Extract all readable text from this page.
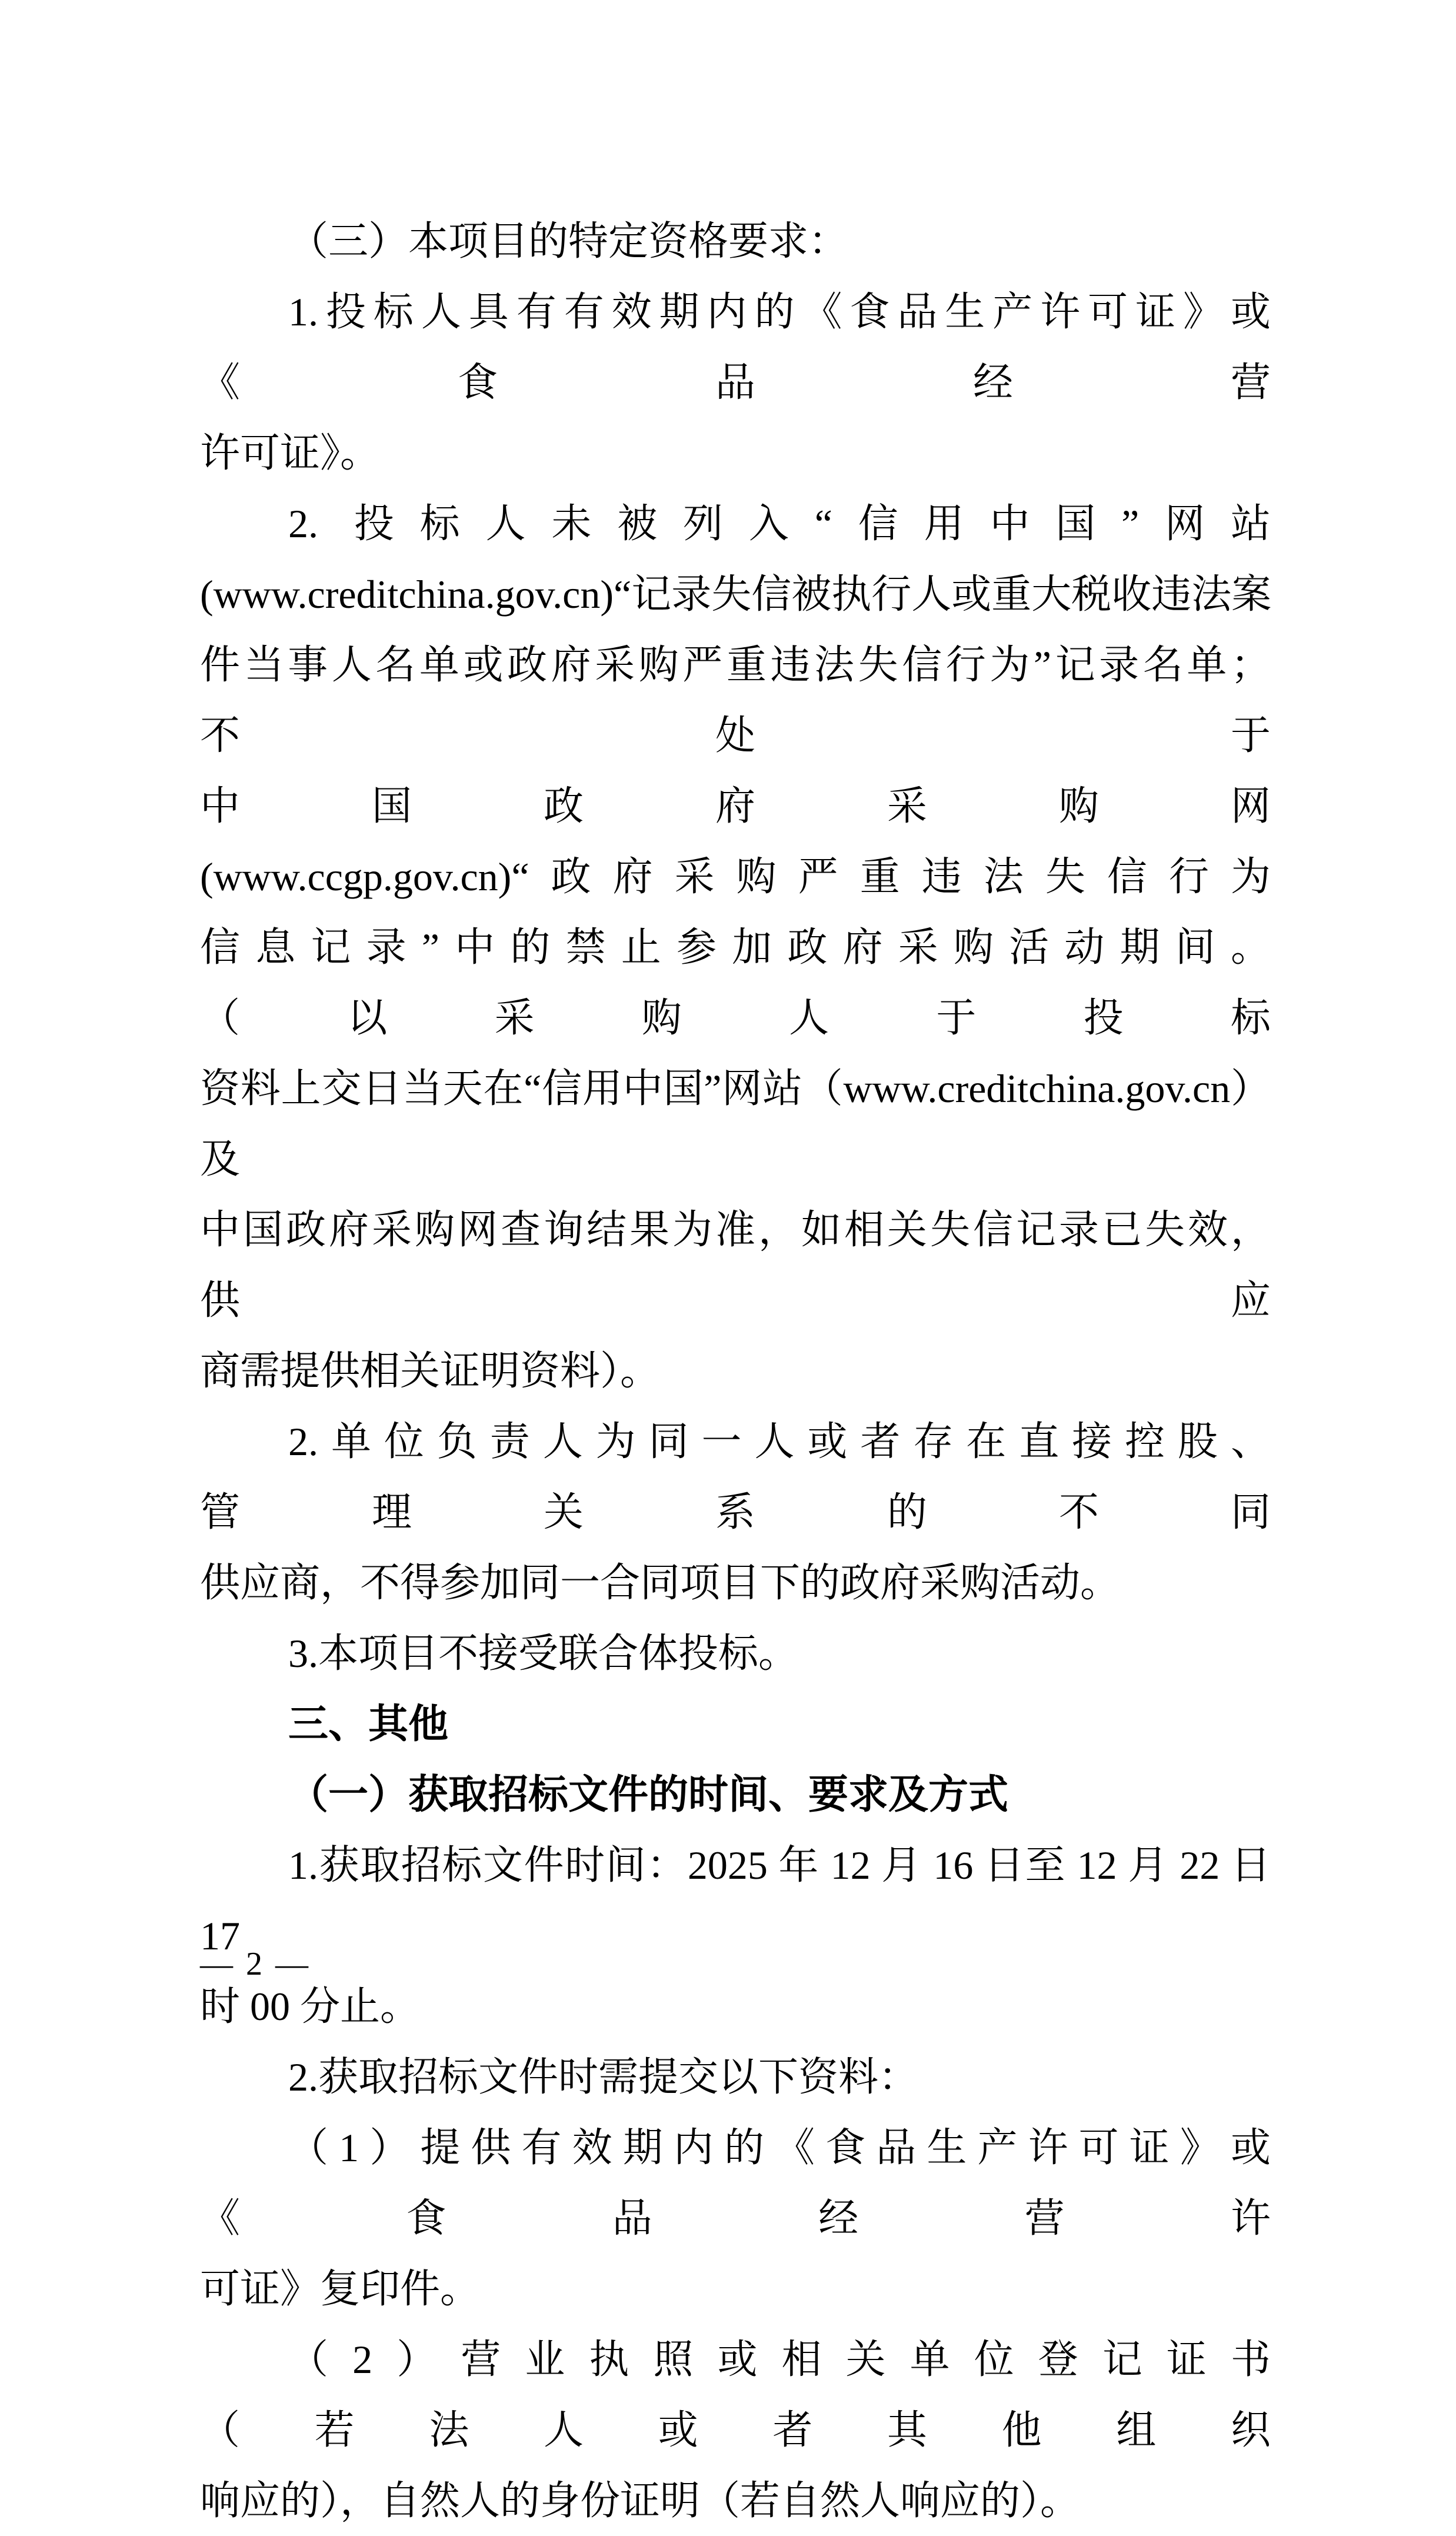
（三）本项目的特定资格要求：
1.投标人具有有效期内的《食品生产许可证》或《食品经营
许可证》。
2. 投标人未被列入“信用中国”网站
(www.creditchina.gov.cn)“记录失信被执行人或重大税收违法案
件当事人名单或政府采购严重违法失信行为”记录名单；不处于
中国政府采购网(www.ccgp.gov.cn)“政府采购严重违法失信行为
信息记录”中的禁止参加政府采购活动期间。（以采购人于投标
资料上交日当天在“信用中国”网站（www.creditchina.gov.cn）及
中国政府采购网查询结果为准，如相关失信记录已失效，供应
商需提供相关证明资料）。
2.单位负责人为同一人或者存在直接控股、管理关系的不同
供应商，不得参加同一合同项目下的政府采购活动。
3.本项目不接受联合体投标。
三、其他
（一）获取招标文件的时间、要求及方式
1.获取招标文件时间：2025 年 12 月 16 日至 12 月 22 日 17
时 00 分止。
2.获取招标文件时需提交以下资料：
（1）提供有效期内的《食品生产许可证》或《食品经营许
可证》复印件。
（2）营业执照或相关单位登记证书（若法人或者其他组织
响应的），自然人的身份证明（若自然人响应的）。
— 2 —
